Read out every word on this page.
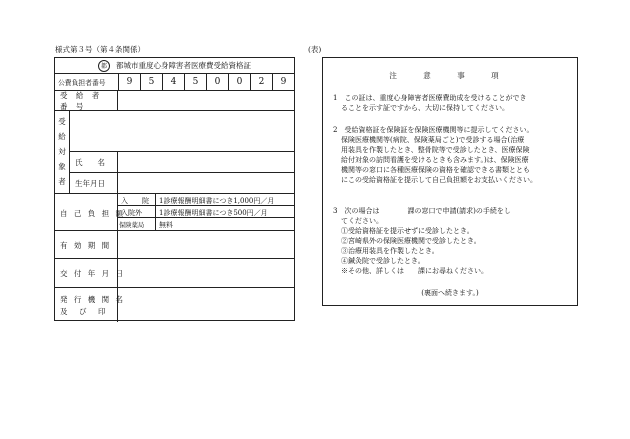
様式第３号（第４条関係）	(表)
都	都城市重度心身障害者医療費受給資格証
公費負担者番号	9	5	4	5	0	0	2	9
受 給 者 番 号
受
給
対
象
者
氏　　名
生年月日
自 己 負 担 額
入　　院 1診療報酬明細書につき1,000円／月
入院外 1診療報酬明細書につき500円／月
保険薬局 無料
有 効 期 間
交 付 年 月 日
発 行 機 関 名
及　び　印
注 意 事 項
1　この証は、重度心身障害者医療費助成を受けることができ
ることを示す証ですから、大切に保持してください。
2　受給資格証を保険証を保険医療機関等に提示してください。
保険医療機関等(病院、保険薬局ごと)で受診する場合(治療
用装具を作製したとき、整骨院等で受診したとき、医療保険
給付対象の訪問看護を受けるときも含みます。)は、保険医療
機関等の窓口に各種医療保険の資格を確認できる書類ととも
にこの受給資格証を提示して自己負担額をお支払いください。
3　次の場合は　　　　課の窓口で申請(請求)の手続をし
てください。
①受給資格証を提示せずに受診したとき。
②宮崎県外の保険医療機関で受診したとき。
③治療用装具を作製したとき。
④鍼灸院で受診したとき。
※その他、詳しくは　　課にお尋ねください。
(裏面へ続きます。)
